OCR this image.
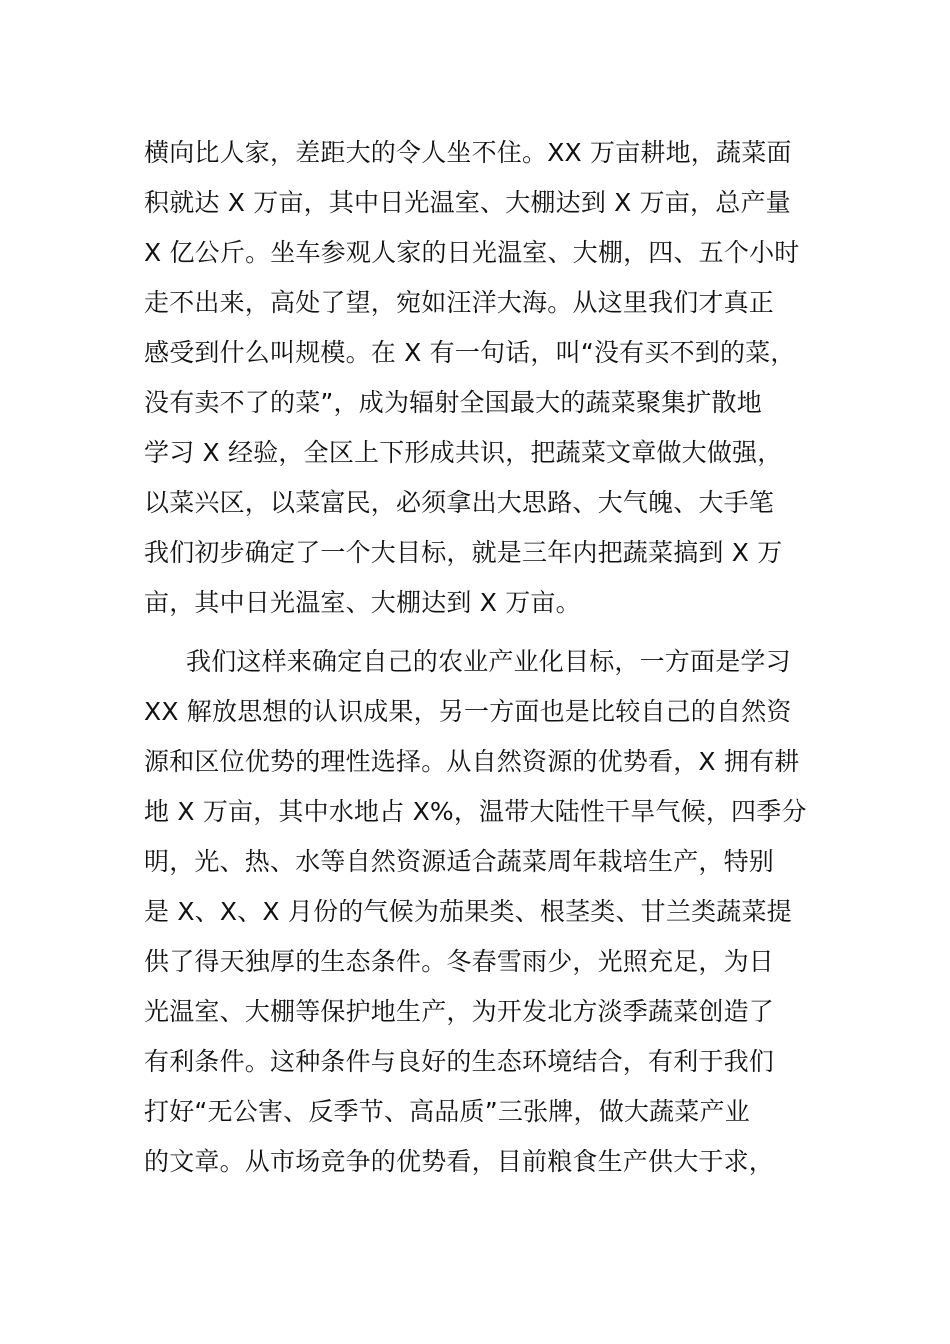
横向比人家，差距大的令人坐不住。XX 万亩耕地，蔬菜面
积就达 X 万亩，其中日光温室、大棚达到 X 万亩，总产量
X 亿公斤。坐车参观人家的日光温室、大棚，四、五个小时
走不出来，高处了望，宛如汪洋大海。从这里我们才真正
感受到什么叫规模。在 X 有一句话，叫“没有买不到的菜，
没有卖不了的菜”，成为辐射全国最大的蔬菜聚集扩散地
学习 X 经验，全区上下形成共识，把蔬菜文章做大做强，
以菜兴区，以菜富民，必须拿出大思路、大气魄、大手笔
我们初步确定了一个大目标，就是三年内把蔬菜搞到 X 万
亩，其中日光温室、大棚达到 X 万亩。
我们这样来确定自己的农业产业化目标，一方面是学习
XX 解放思想的认识成果，另一方面也是比较自己的自然资
源和区位优势的理性选择。从自然资源的优势看，X 拥有耕
地 X 万亩，其中水地占 X%，温带大陆性干旱气候，四季分
明，光、热、水等自然资源适合蔬菜周年栽培生产，特别
是 X、X、X 月份的气候为茄果类、根茎类、甘兰类蔬菜提
供了得天独厚的生态条件。冬春雪雨少，光照充足，为日
光温室、大棚等保护地生产，为开发北方淡季蔬菜创造了
有利条件。这种条件与良好的生态环境结合，有利于我们
打好“无公害、反季节、高品质”三张牌，做大蔬菜产业
的文章。从市场竞争的优势看，目前粮食生产供大于求，
